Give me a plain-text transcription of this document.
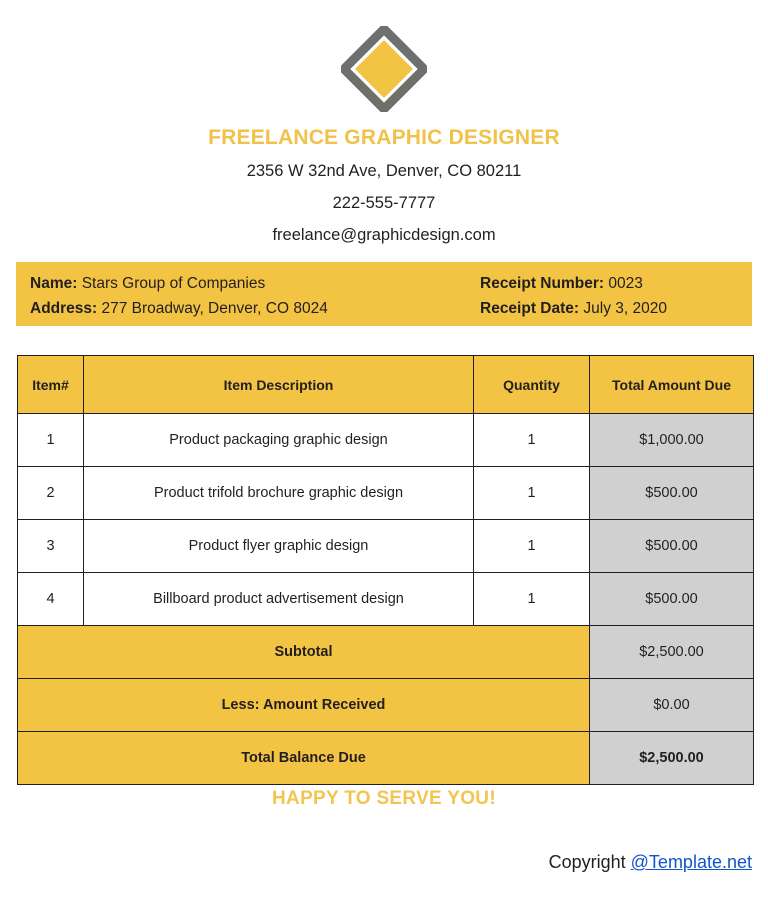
FREELANCE GRAPHIC DESIGNER
2356 W 32nd Ave, Denver, CO 80211
222-555-7777
freelance@graphicdesign.com
Name: Stars Group of Companies
Address: 277 Broadway, Denver, CO 8024
Receipt Number: 0023
Receipt Date: July 3, 2020
Item#	Item Description	Quantity	Total Amount Due
1	Product packaging graphic design	1	$1,000.00
2	Product trifold brochure graphic design	1	$500.00
3	Product flyer graphic design	1	$500.00
4	Billboard product advertisement design	1	$500.00
Subtotal			$2,500.00
Less: Amount Received			$0.00
Total Balance Due			$2,500.00
HAPPY TO SERVE YOU!
Copyright @Template.net
